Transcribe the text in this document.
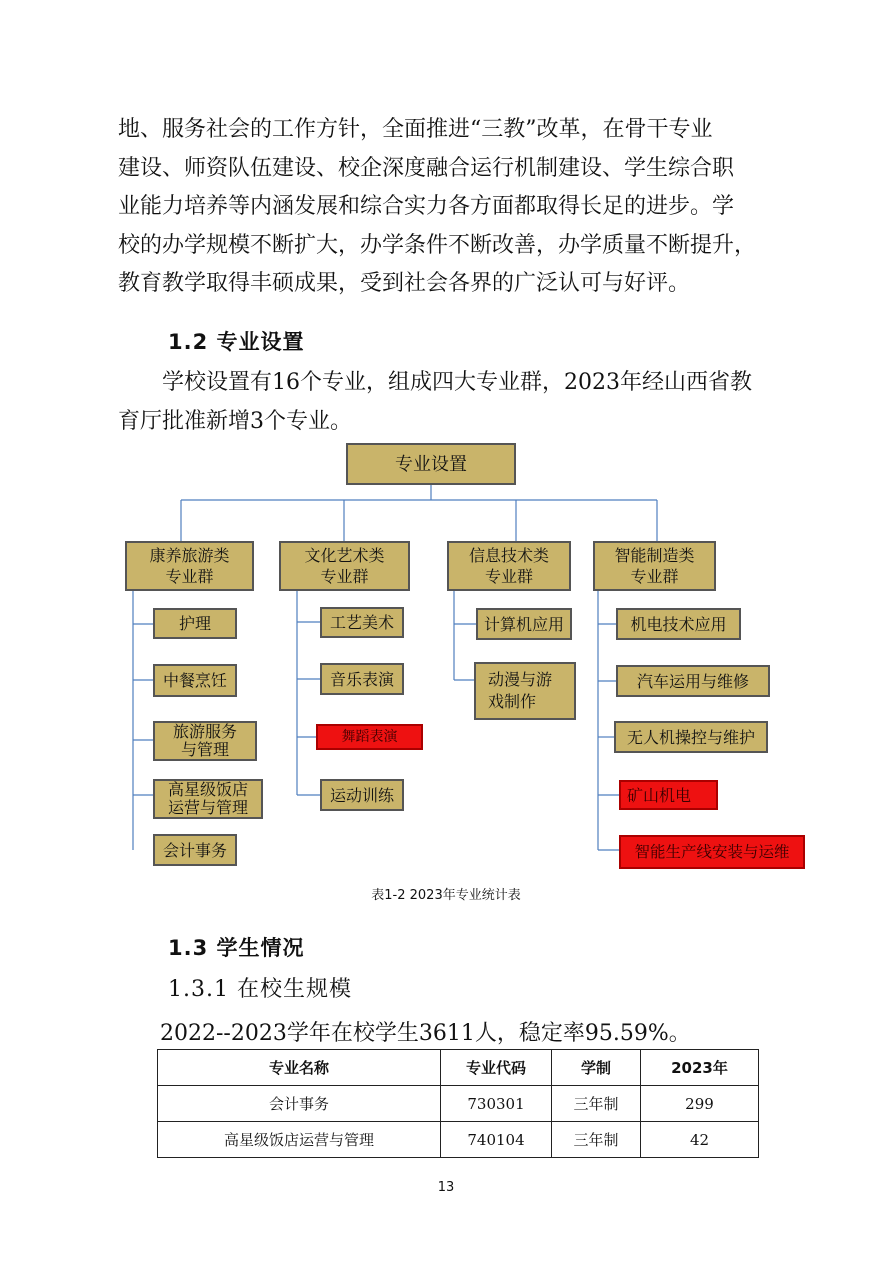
地、服务社会的工作方针，全面推进“三教”改革，在骨干专业
建设、师资队伍建设、校企深度融合运行机制建设、学生综合职
业能力培养等内涵发展和综合实力各方面都取得长足的进步。学
校的办学规模不断扩大，办学条件不断改善，办学质量不断提升，
教育教学取得丰硕成果，受到社会各界的广泛认可与好评。
1.2 专业设置
学校设置有16个专业，组成四大专业群，2023年经山西省教
育厅批准新增3个专业。
专业设置
康养旅游类
专业群
文化艺术类
专业群
信息技术类
专业群
智能制造类
专业群
护理
中餐烹饪
旅游服务
与管理
高星级饭店
运营与管理
会计事务
工艺美术
音乐表演
舞蹈表演
运动训练
计算机应用
动漫与游
戏制作
机电技术应用
汽车运用与维修
无人机操控与维护
矿山机电
智能生产线安装与运维
表1-2 2023年专业统计表
1.3 学生情况
1.3.1 在校生规模
2022--2023学年在校学生3611人，稳定率95.59%。
专业名称	专业代码	学制	2023年
会计事务	730301	三年制	299
高星级饭店运营与管理	740104	三年制	42
13
